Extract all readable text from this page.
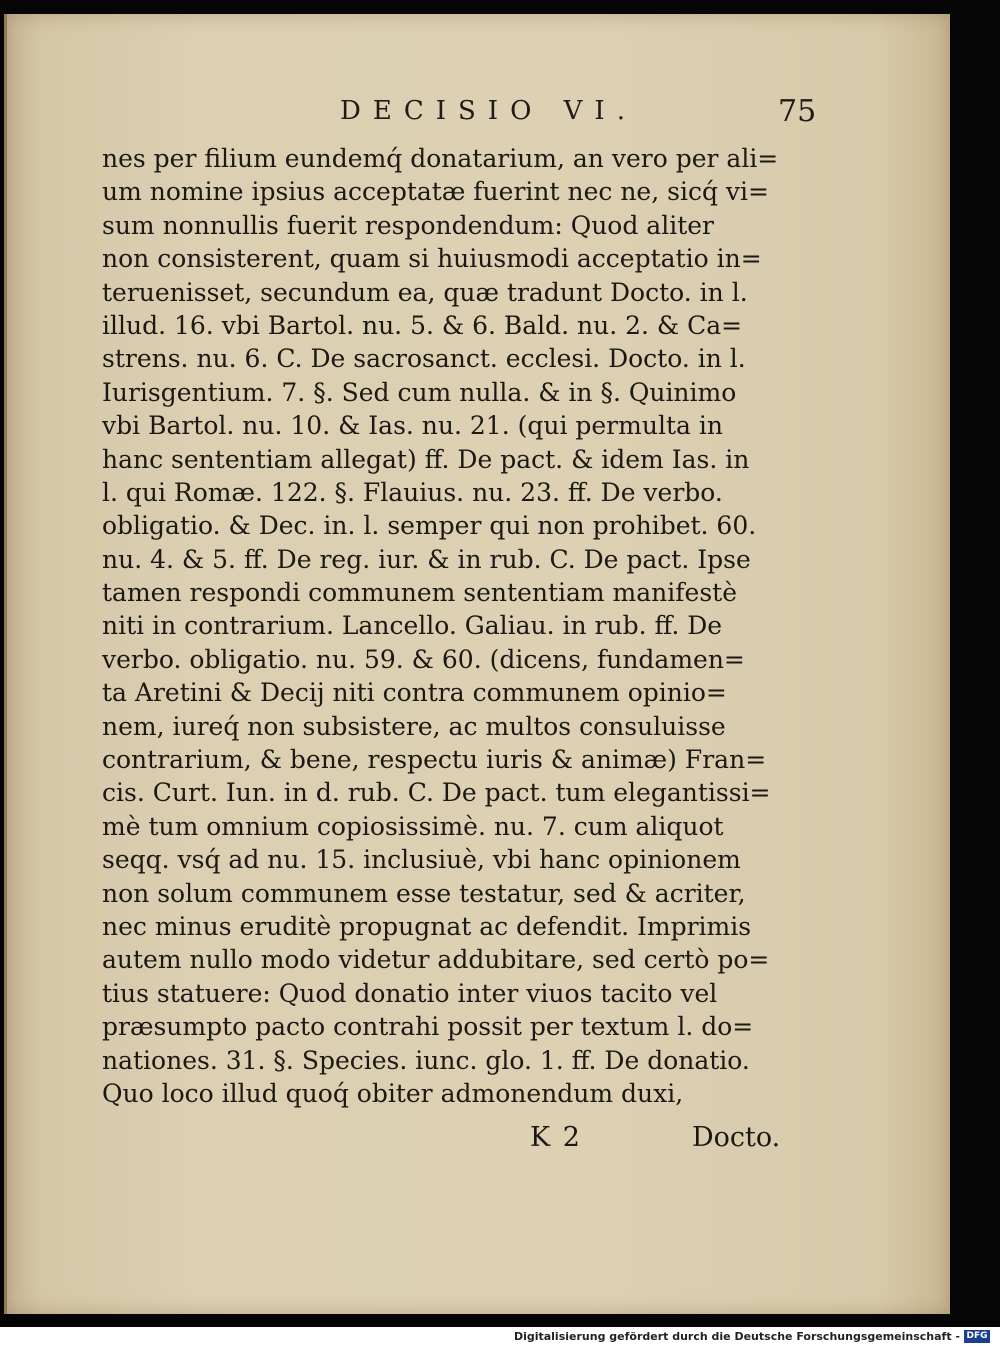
DECISIO VI.	75
nes per filium eundemq́ donatarium, an vero per ali=
um nomine ipsius acceptatæ fuerint nec ne, sicq́ vi=
sum nonnullis fuerit respondendum: Quod aliter
non consisterent, quam si huiusmodi acceptatio in=
teruenisset, secundum ea, quæ tradunt Docto. in l.
illud. 16. vbi Bartol. nu. 5. & 6. Bald. nu. 2. & Ca=
strens. nu. 6. C. De sacrosanct. ecclesi. Docto. in l.
Iurisgentium. 7. §. Sed cum nulla. & in §. Quinimo
vbi Bartol. nu. 10. & Ias. nu. 21. (qui permulta in
hanc sententiam allegat) ff. De pact. & idem Ias. in
l. qui Romæ. 122. §. Flauius. nu. 23. ff. De verbo.
obligatio. & Dec. in. l. semper qui non prohibet. 60.
nu. 4. & 5. ff. De reg. iur. & in rub. C. De pact. Ipse
tamen respondi communem sententiam manifestè
niti in contrarium. Lancello. Galiau. in rub. ff. De
verbo. obligatio. nu. 59. & 60. (dicens, fundamen=
ta Aretini & Decij niti contra communem opinio=
nem, iureq́ non subsistere, ac multos consuluisse
contrarium, & bene, respectu iuris & animæ) Fran=
cis. Curt. Iun. in d. rub. C. De pact. tum elegantissi=
mè tum omnium copiosissimè. nu. 7. cum aliquot
seqq. vsq́ ad nu. 15. inclusiuè, vbi hanc opinionem
non solum communem esse testatur, sed & acriter,
nec minus eruditè propugnat ac defendit. Imprimis
autem nullo modo videtur addubitare, sed certò po=
tius statuere: Quod donatio inter viuos tacito vel
præsumpto pacto contrahi possit per textum l. do=
nationes. 31. §. Species. iunc. glo. 1. ff. De donatio.
Quo loco illud quoq́ obiter admonendum duxi,
K 2	Docto.
Digitalisierung gefördert durch die Deutsche Forschungsgemeinschaft - DFG
